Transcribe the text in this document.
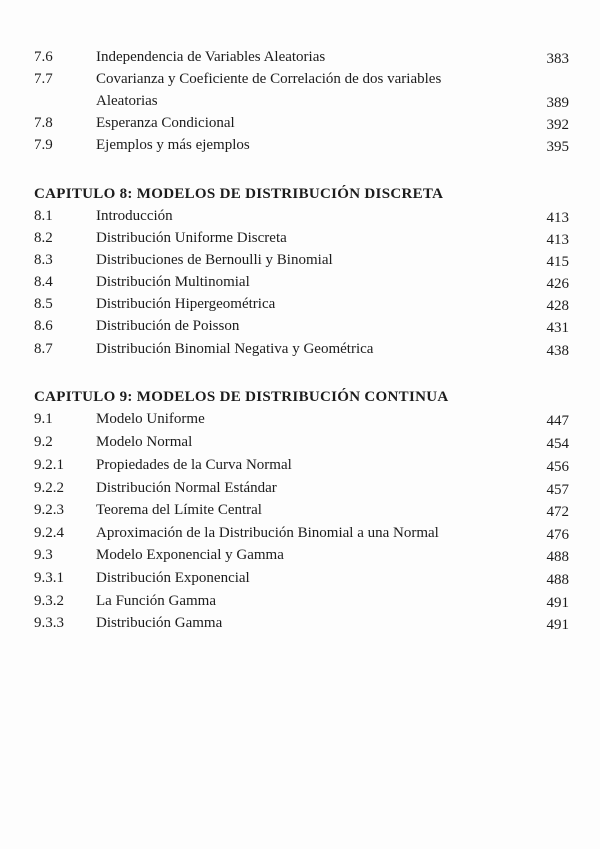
7.6	Independencia de Variables Aleatorias	383
7.7	Covarianza y Coeficiente de Correlación de dos variables
Aleatorias	389
7.8	Esperanza Condicional	392
7.9	Ejemplos y más ejemplos	395
CAPITULO 8: MODELOS DE DISTRIBUCIÓN DISCRETA
8.1	Introducción	413
8.2	Distribución Uniforme Discreta	413
8.3	Distribuciones de Bernoulli y Binomial	415
8.4	Distribución Multinomial	426
8.5	Distribución Hipergeométrica	428
8.6	Distribución de Poisson	431
8.7	Distribución Binomial Negativa y Geométrica	438
CAPITULO 9: MODELOS DE DISTRIBUCIÓN CONTINUA
9.1	Modelo Uniforme	447
9.2	Modelo Normal	454
9.2.1 Propiedades de la Curva Normal	456
9.2.2 Distribución Normal Estándar	457
9.2.3 Teorema del Límite Central	472
9.2.4 Aproximación de la Distribución Binomial a una Normal	476
9.3	Modelo Exponencial y Gamma	488
9.3.1 Distribución Exponencial	488
9.3.2 La Función Gamma	491
9.3.3 Distribución Gamma	491
